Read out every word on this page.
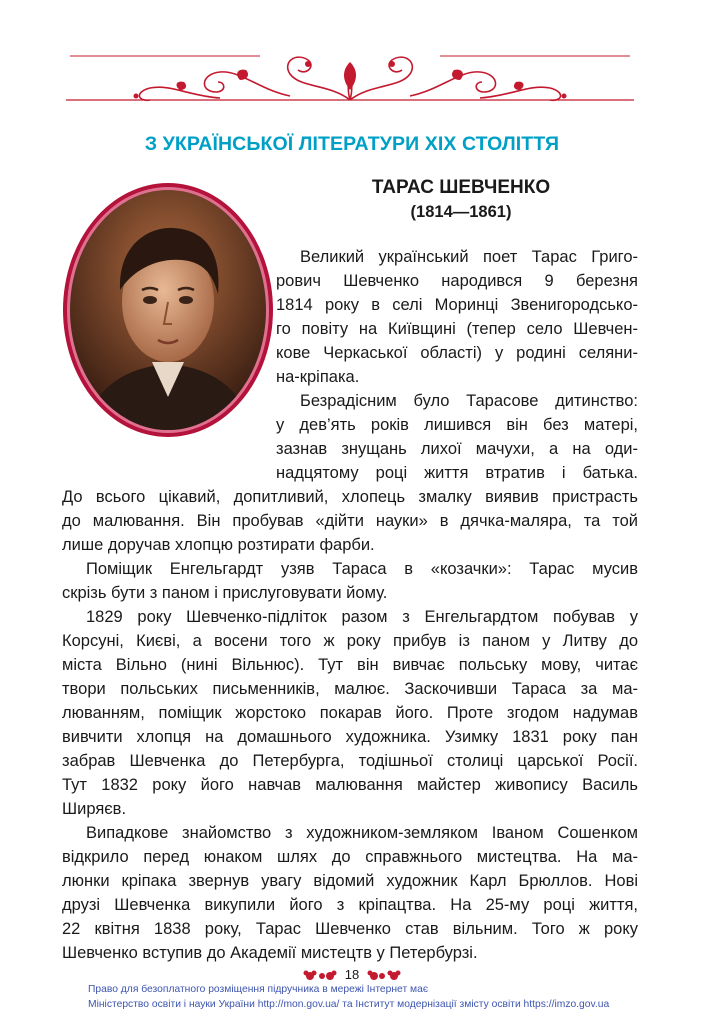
З УКРАЇНСЬКОЇ ЛІТЕРАТУРИ ХІХ СТОЛІТТЯ
ТАРАС ШЕВЧЕНКО
(1814—1861)
Великий український поет Тарас Григо-
рович Шевченко народився 9 березня
1814 року в селі Моринці Звенигородсько-
го повіту на Київщині (тепер село Шевчен-
кове Черкаської області) у родині селяни-
на-кріпака.
Безрадісним було Тарасове дитинство:
у дев’ять років лишився він без матері,
зазнав знущань лихої мачухи, а на оди-
надцятому році життя втратив і батька.
До всього цікавий, допитливий, хлопець змалку виявив пристрасть
до малювання. Він пробував «дійти науки» в дячка-маляра, та той
лише доручав хлопцю розтирати фарби.
Поміщик Енгельгардт узяв Тараса в «козачки»: Тарас мусив
скрізь бути з паном і прислуговувати йому.
1829 року Шевченко-підліток разом з Енгельгардтом побував у
Корсуні, Києві, а восени того ж року прибув із паном у Литву до
міста Вільно (нині Вільнюс). Тут він вивчає польську мову, читає
твори польських письменників, малює. Заскочивши Тараса за ма-
люванням, поміщик жорстоко покарав його. Проте згодом надумав
вивчити хлопця на домашнього художника. Узимку 1831 року пан
забрав Шевченка до Петербурга, тодішньої столиці царської Росії.
Тут 1832 року його навчав малювання майстер живопису Василь
Ширяєв.
Випадкове знайомство з художником-земляком Іваном Сошенком
відкрило перед юнаком шлях до справжнього мистецтва. На ма-
люнки кріпака звернув увагу відомий художник Карл Брюллов. Нові
друзі Шевченка викупили його з кріпацтва. На 25-му році життя,
22 квітня 1838 року, Тарас Шевченко став вільним. Того ж року
Шевченко вступив до Академії мистецтв у Петербурзі.
18
Право для безоплатного розміщення підручника в мережі Інтернет має
Міністерство освіти і науки України http://mon.gov.ua/ та Інститут модернізації змісту освіти https://imzo.gov.ua
